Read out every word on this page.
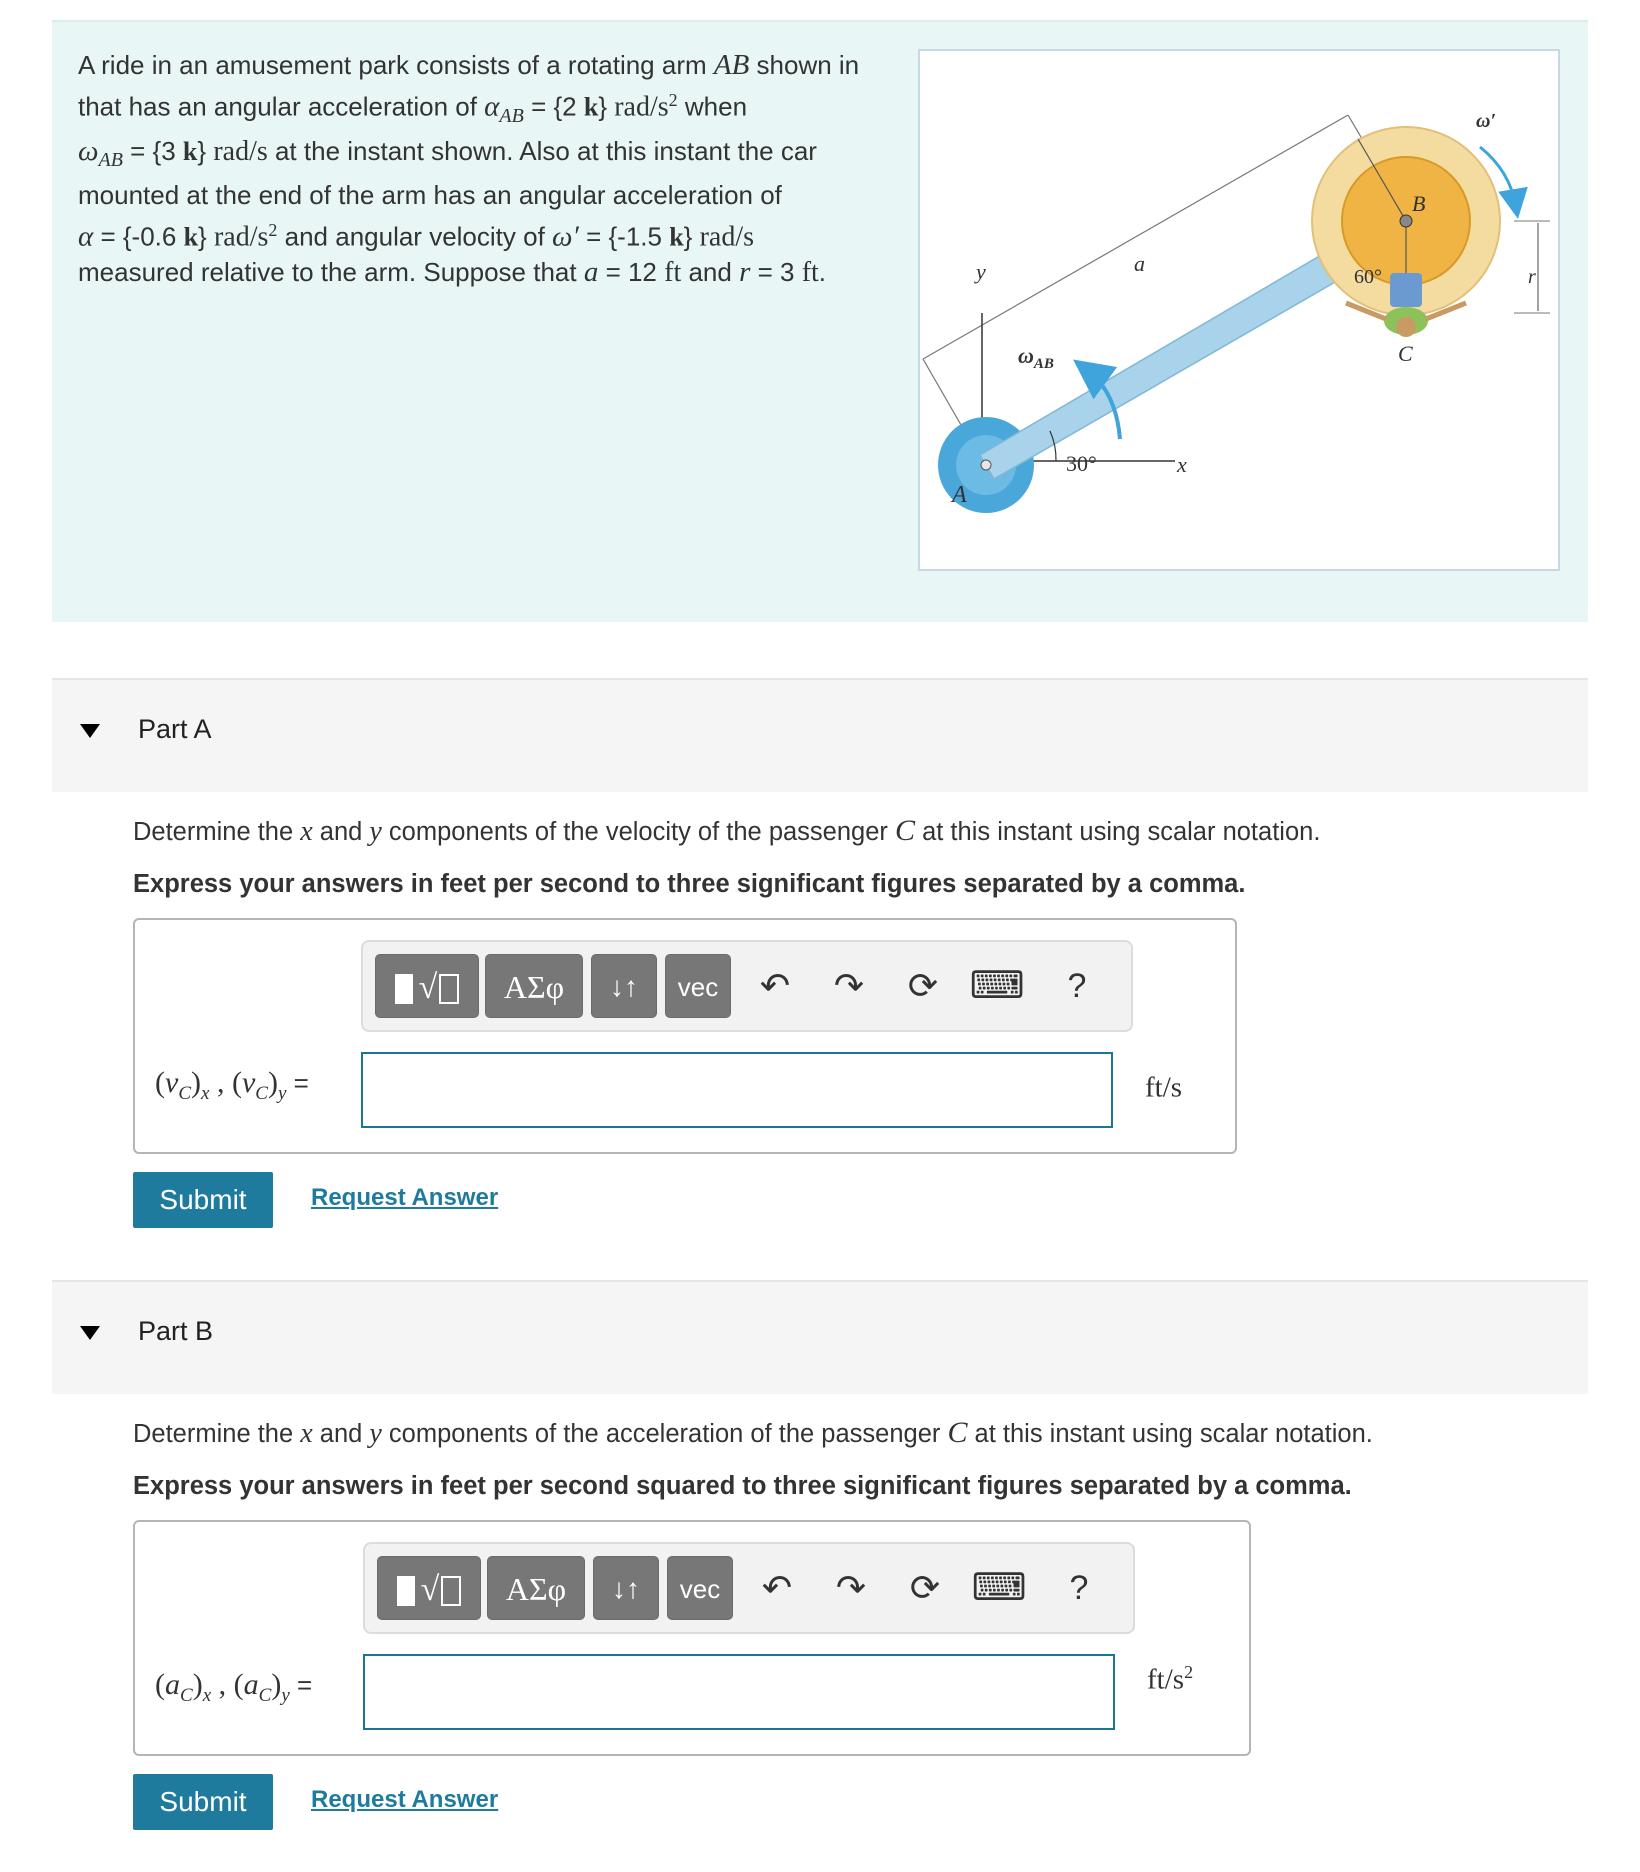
A ride in an amusement park consists of a rotating arm AB shown in
that has an angular acceleration of $\alpha_{AB} = \{2$ k} rad/$s^2$ when
$\omega_{AB} = \{3$ k} rad/s at the instant shown. Also at this instant the car
mounted at the end of the arm has an angular acceleration of
α = {-0.6 k} rad/$s^2$ and angular velocity of ω′ = {-1.5 k} rad/s
measured relative to the arm. Suppose that a = 12 ft and r = 3 ft.	y
x
A
30°
$\omega_{AB}$
a
B
60°
C
ω′
r
Part A
Determine the x and y components of the velocity of the passenger C at this instant using scalar notation.
Express your answers in feet per second to three significant figures separated by a comma.
√	ΑΣφ	↓↑	vec	↶	↷	⟳ ⌨	?
$(v_C)_x$ , $(v_C)_y$ =	ft/s
Submit	Request Answer
Part B
Determine the x and y components of the acceleration of the passenger C at this instant using scalar notation.
Express your answers in feet per second squared to three significant figures separated by a comma.
√	ΑΣφ	↓↑	vec	↶	↷	⟳ ⌨	?
$(a_C)_x$ , $(a_C)_y$ =	$ft/s^2$
Submit	Request Answer
